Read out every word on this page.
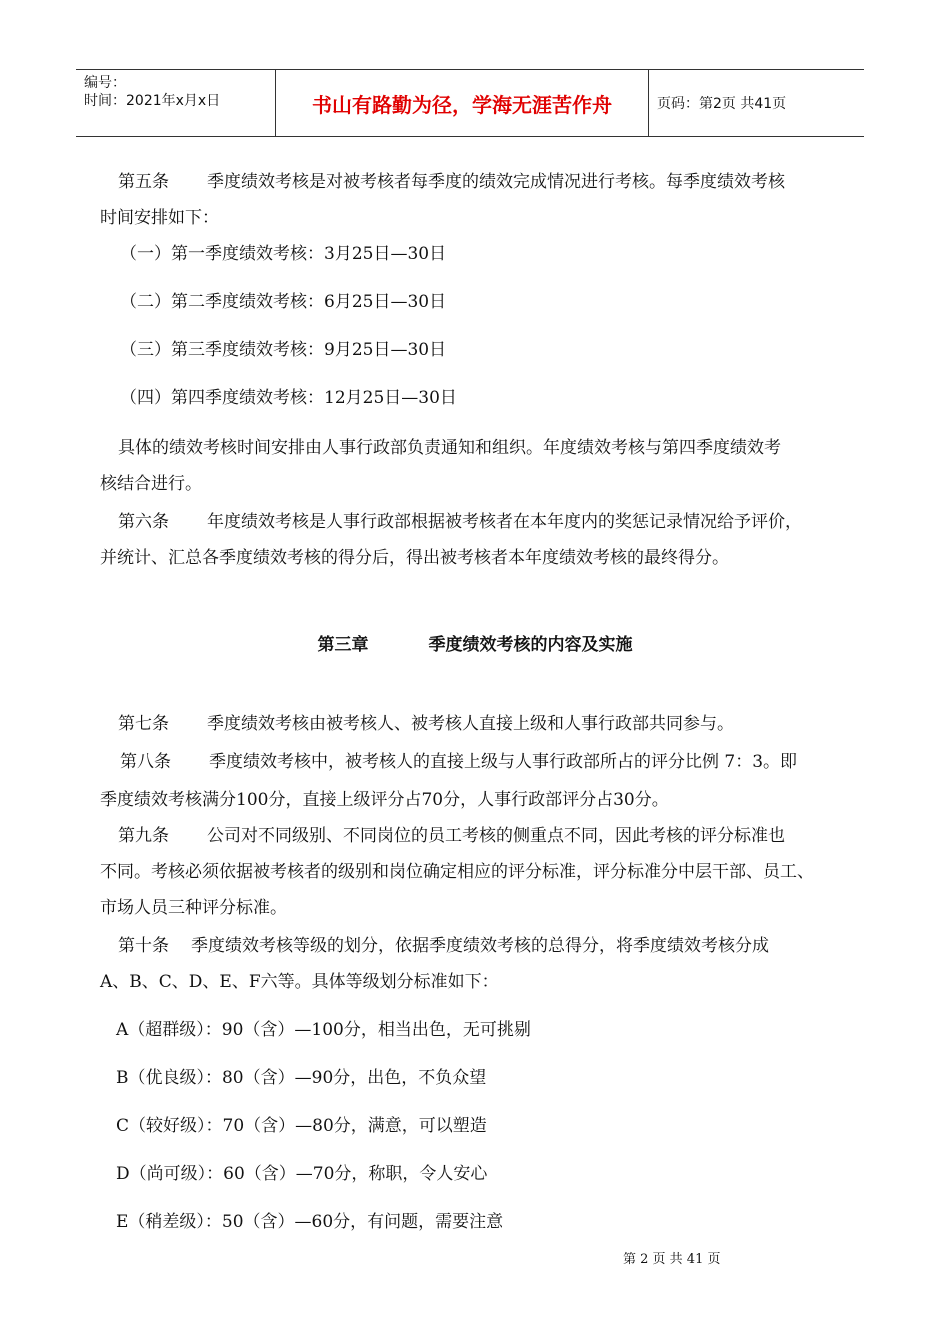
编号：
时间：2021年x月x日	书山有路勤为径，学海无涯苦作舟	页码：第2页 共41页
第五条 季度绩效考核是对被考核者每季度的绩效完成情况进行考核。每季度绩效考核
时间安排如下：
（一）第一季度绩效考核：3月25日—30日
（二）第二季度绩效考核：6月25日—30日
（三）第三季度绩效考核：9月25日—30日
（四）第四季度绩效考核：12月25日—30日
具体的绩效考核时间安排由人事行政部负责通知和组织。年度绩效考核与第四季度绩效考
核结合进行。
第六条 年度绩效考核是人事行政部根据被考核者在本年度内的奖惩记录情况给予评价，
并统计、汇总各季度绩效考核的得分后，得出被考核者本年度绩效考核的最终得分。
第三章	季度绩效考核的内容及实施
第七条 季度绩效考核由被考核人、被考核人直接上级和人事行政部共同参与。
第八条 季度绩效考核中，被考核人的直接上级与人事行政部所占的评分比例 7：3。即
季度绩效考核满分100分，直接上级评分占70分，人事行政部评分占30分。
第九条 公司对不同级别、不同岗位的员工考核的侧重点不同，因此考核的评分标准也
不同。考核必须依据被考核者的级别和岗位确定相应的评分标准，评分标准分中层干部、员工、
市场人员三种评分标准。
第十条 季度绩效考核等级的划分，依据季度绩效考核的总得分，将季度绩效考核分成
A、B、C、D、E、F六等。具体等级划分标准如下：
A（超群级）：90（含）—100分，相当出色，无可挑剔
B（优良级）：80（含）—90分，出色，不负众望
C（较好级）：70（含）—80分，满意，可以塑造
D（尚可级）：60（含）—70分，称职，令人安心
E（稍差级）：50（含）—60分，有问题，需要注意
第 2 页 共 41 页
